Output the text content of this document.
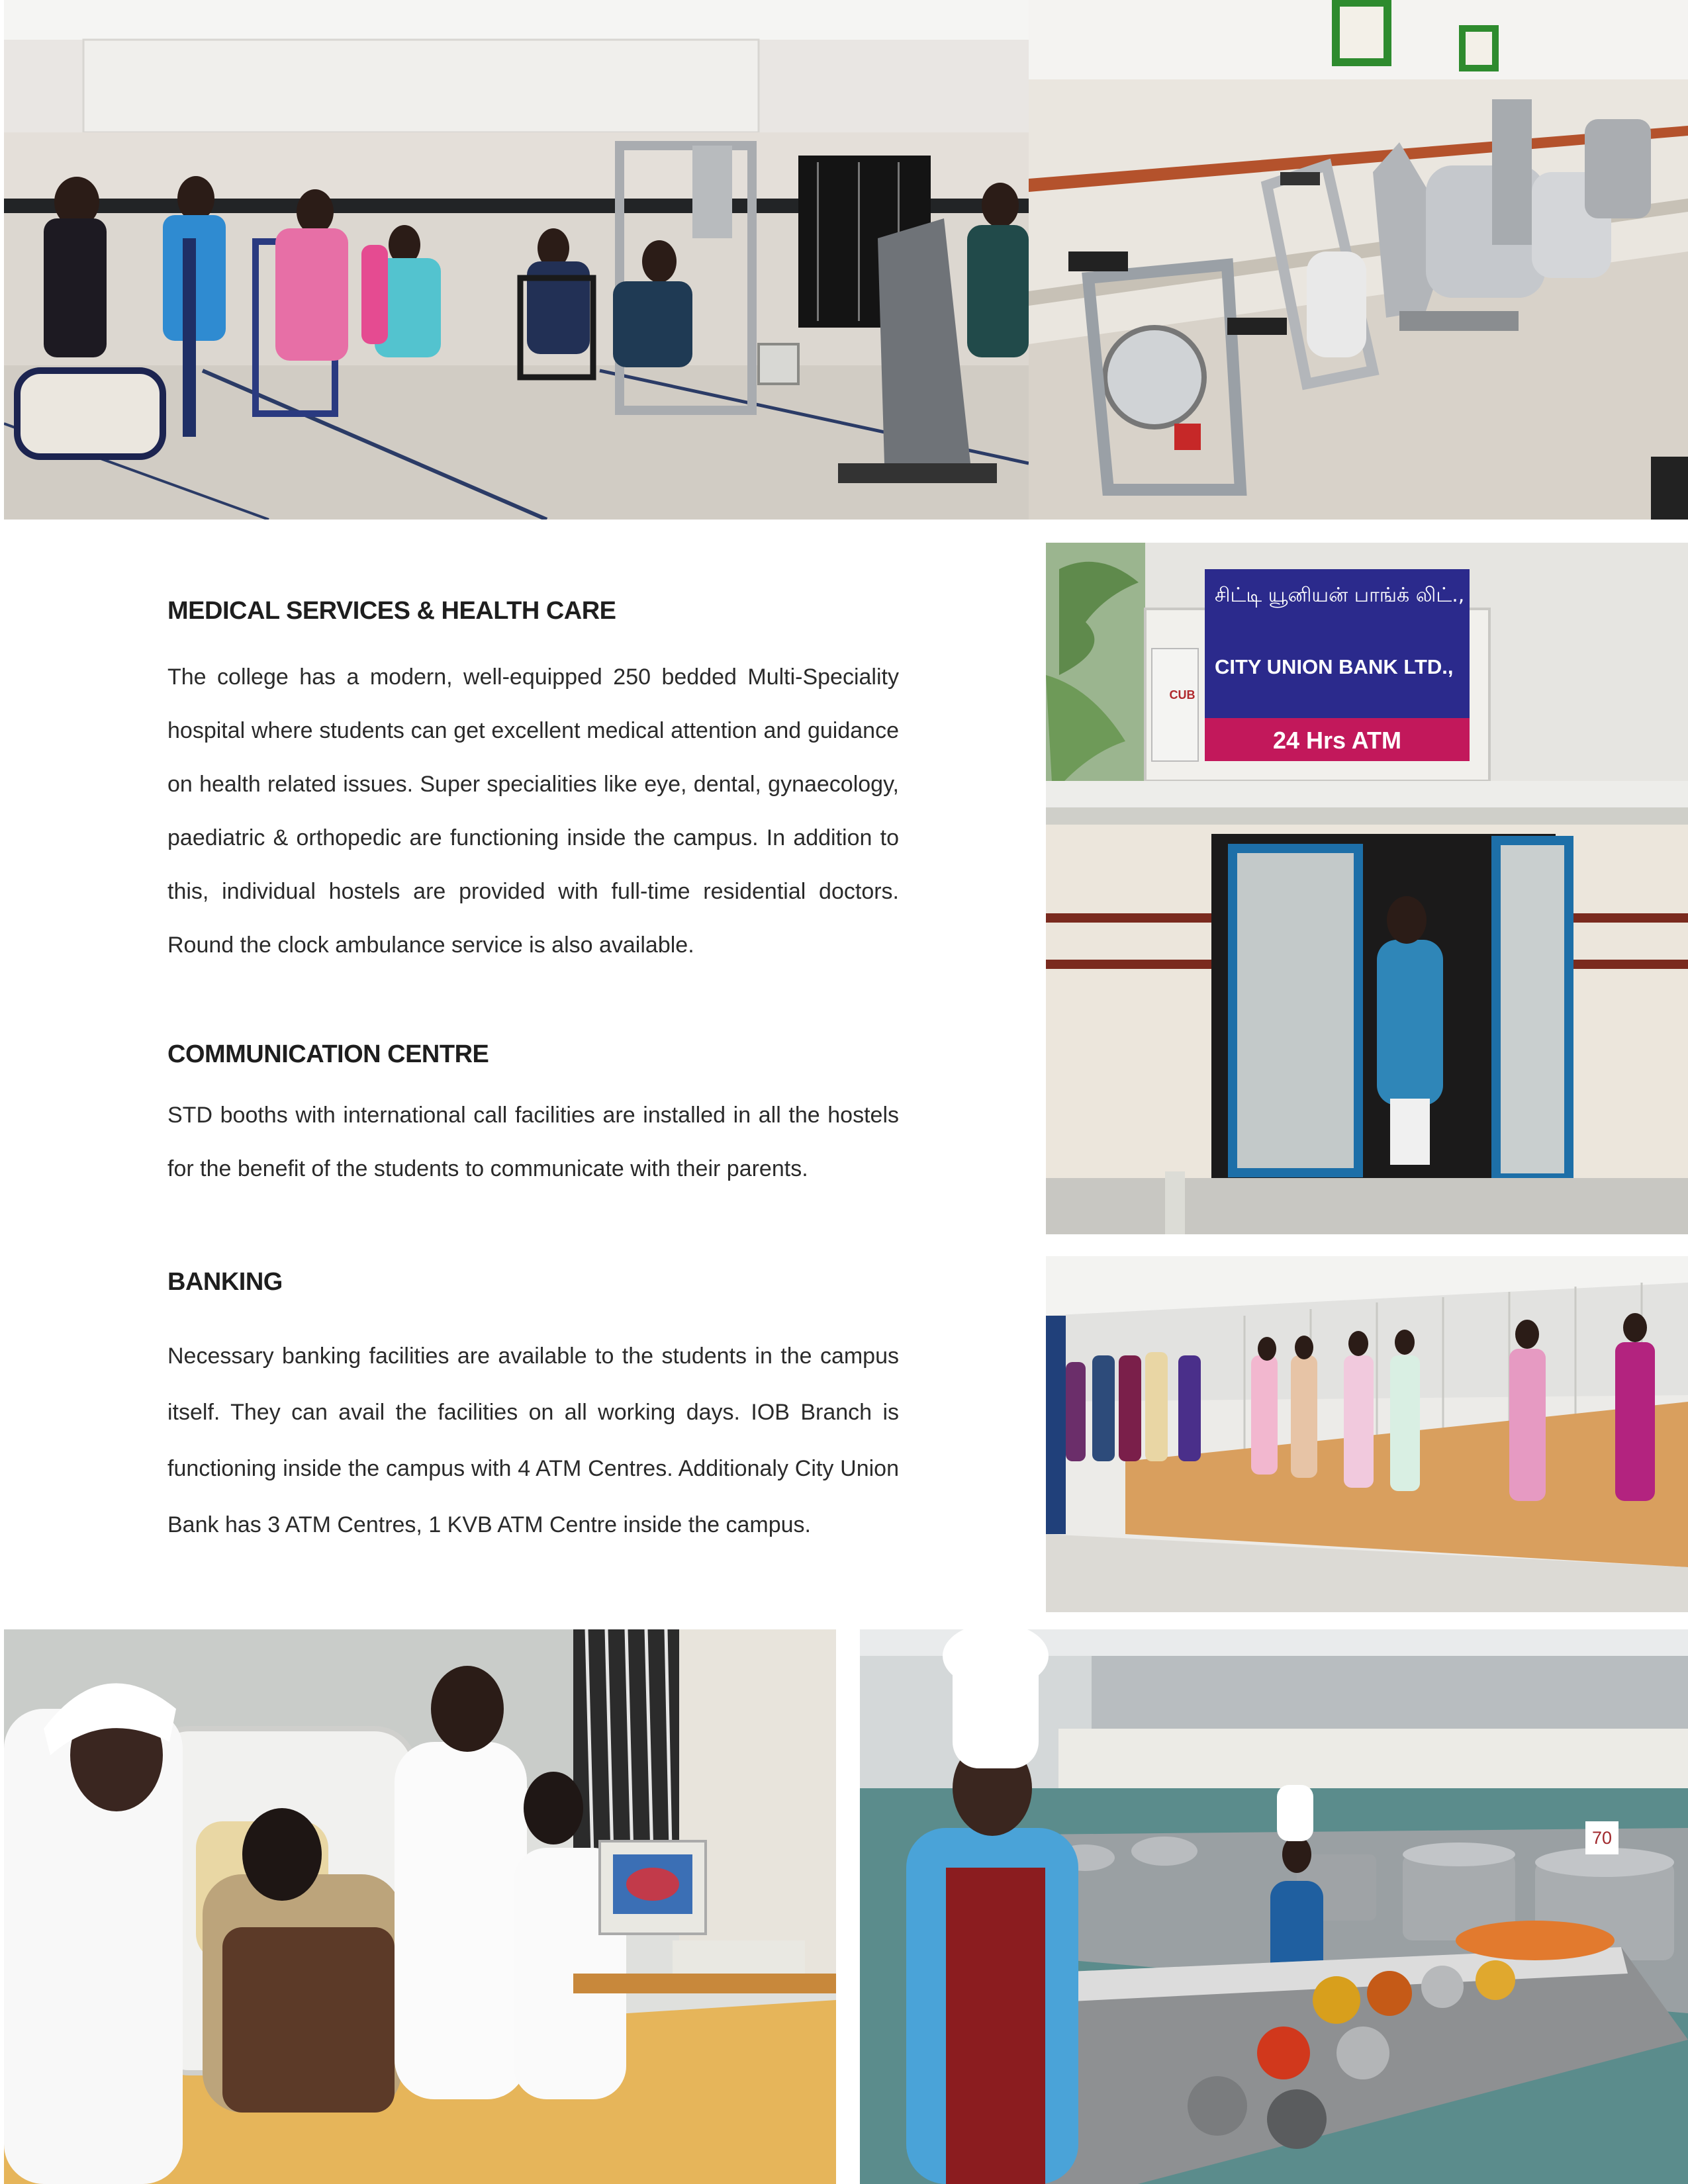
CUB
சிட்டி யூனியன் பாங்க் லிட்.,
CITY UNION BANK LTD.,
24 Hrs ATM
MEDICAL SERVICES & HEALTH CARE

The college has a modern, well-equipped 250 bedded Multi-Speciality hospital where students can get excellent medical attention and guidance on health related issues. Super specialities like eye, dental, gynaecology, paediatric & orthopedic are functioning inside the campus. In addition to this, individual hostels are provided with full-time residential doctors. Round the clock ambulance service is also available.

COMMUNICATION CENTRE

STD booths with international call facilities are installed in all the hostels for the benefit of the students to communicate with their parents.

BANKING

Necessary banking facilities are available to the students in the campus itself. They can avail the facilities on all working days. IOB Branch is functioning inside the campus with 4 ATM Centres. Additionaly City Union Bank has 3 ATM Centres, 1 KVB ATM Centre inside the campus.

70
